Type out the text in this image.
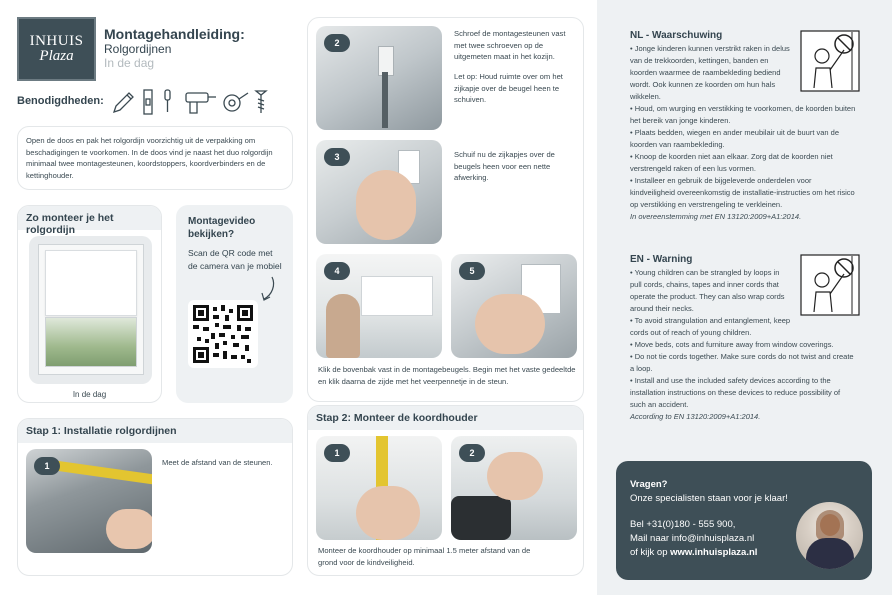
INHUIS
Plaza
Montagehandleiding:
Rolgordijnen
In de dag
Benodigdheden:
Open de doos en pak het rolgordijn voorzichtig uit de verpakking om beschadigingen te voorkomen. In de doos vind je naast het duo rolgordijn minimaal twee montagesteunen, koordstoppers, koordverbinders en de kettinghouder.
Zo monteer je het rolgordijn
In de dag
Montagevideo bekijken?
Scan de QR code met de camera van je mobiel
Stap 1: Installatie rolgordijnen
1	Meet de afstand van de steunen.
2
Schroef de montagesteunen vast met twee schroeven op de uitgemeten maat in het kozijn.
Let op: Houd ruimte over om het zijkapje over de beugel heen te schuiven.
3	Schuif nu de zijkapjes over de beugels heen voor een nette afwerking.
4	5
Klik de bovenbak vast in de montagebeugels. Begin met het vaste gedeeltde en klik daarna de zijde met het veerpennetje in de steun.
Stap 2: Monteer de koordhouder
1	2
Monteer de koordhouder op minimaal 1.5 meter afstand van de grond voor de kindveiligheid.
NL - Waarschuwing

• Jonge kinderen kunnen verstrikt raken in delus van de trekkoorden, kettingen, banden en koorden waarmee de raambekleding bediend wordt. Ook kunnen ze koorden om hun hals wikkelen.

• Houd, om wurging en verstikking te voorkomen, de koorden buiten het bereik van jonge kinderen.

• Plaats bedden, wiegen en ander meubilair uit de buurt van de koorden van raambekleding.

• Knoop de koorden niet aan elkaar. Zorg dat de koorden niet verstrengeld raken of een lus vormen.

• Installeer en gebruik de bijgeleverde onderdelen voor kindveiligheid overeenkomstig de installatie-instructies om het risico op verstikking en verstrengeling te verkleinen.

In overeenstemming met EN 13120:2009+A1:2014.

EN - Warning

• Young children can be strangled by loops in pull cords, chains, tapes and inner cords that operate the product. They can also wrap cords around their necks.

• To avoid strangulation and entanglement, keep cords out of reach of young children.

• Move beds, cots and furniture away from window coverings.

• Do not tie cords together. Make sure cords do not twist and create a loop.

• Install and use the included safety devices according to the installation instructions on these devices to reduce possibility of such an accident.

According to EN 13120:2009+A1:2014.

Vragen?
Onze specialisten staan voor je klaar!
Bel +31(0)180 - 555 900,
Mail naar info@inhuisplaza.nl
of kijk op www.inhuisplaza.nl
